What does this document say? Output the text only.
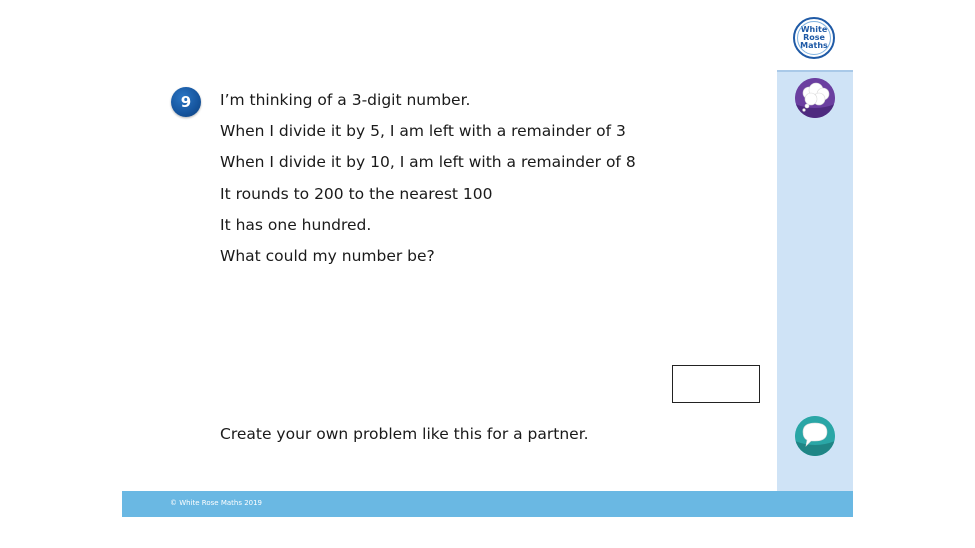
White
Rose
Maths
9	I’m thinking of a 3-digit number.
When I divide it by 5, I am left with a remainder of 3
When I divide it by 10, I am left with a remainder of 8
It rounds to 200 to the nearest 100
It has one hundred.
What could my number be?
Create your own problem like this for a partner.
© White Rose Maths 2019
